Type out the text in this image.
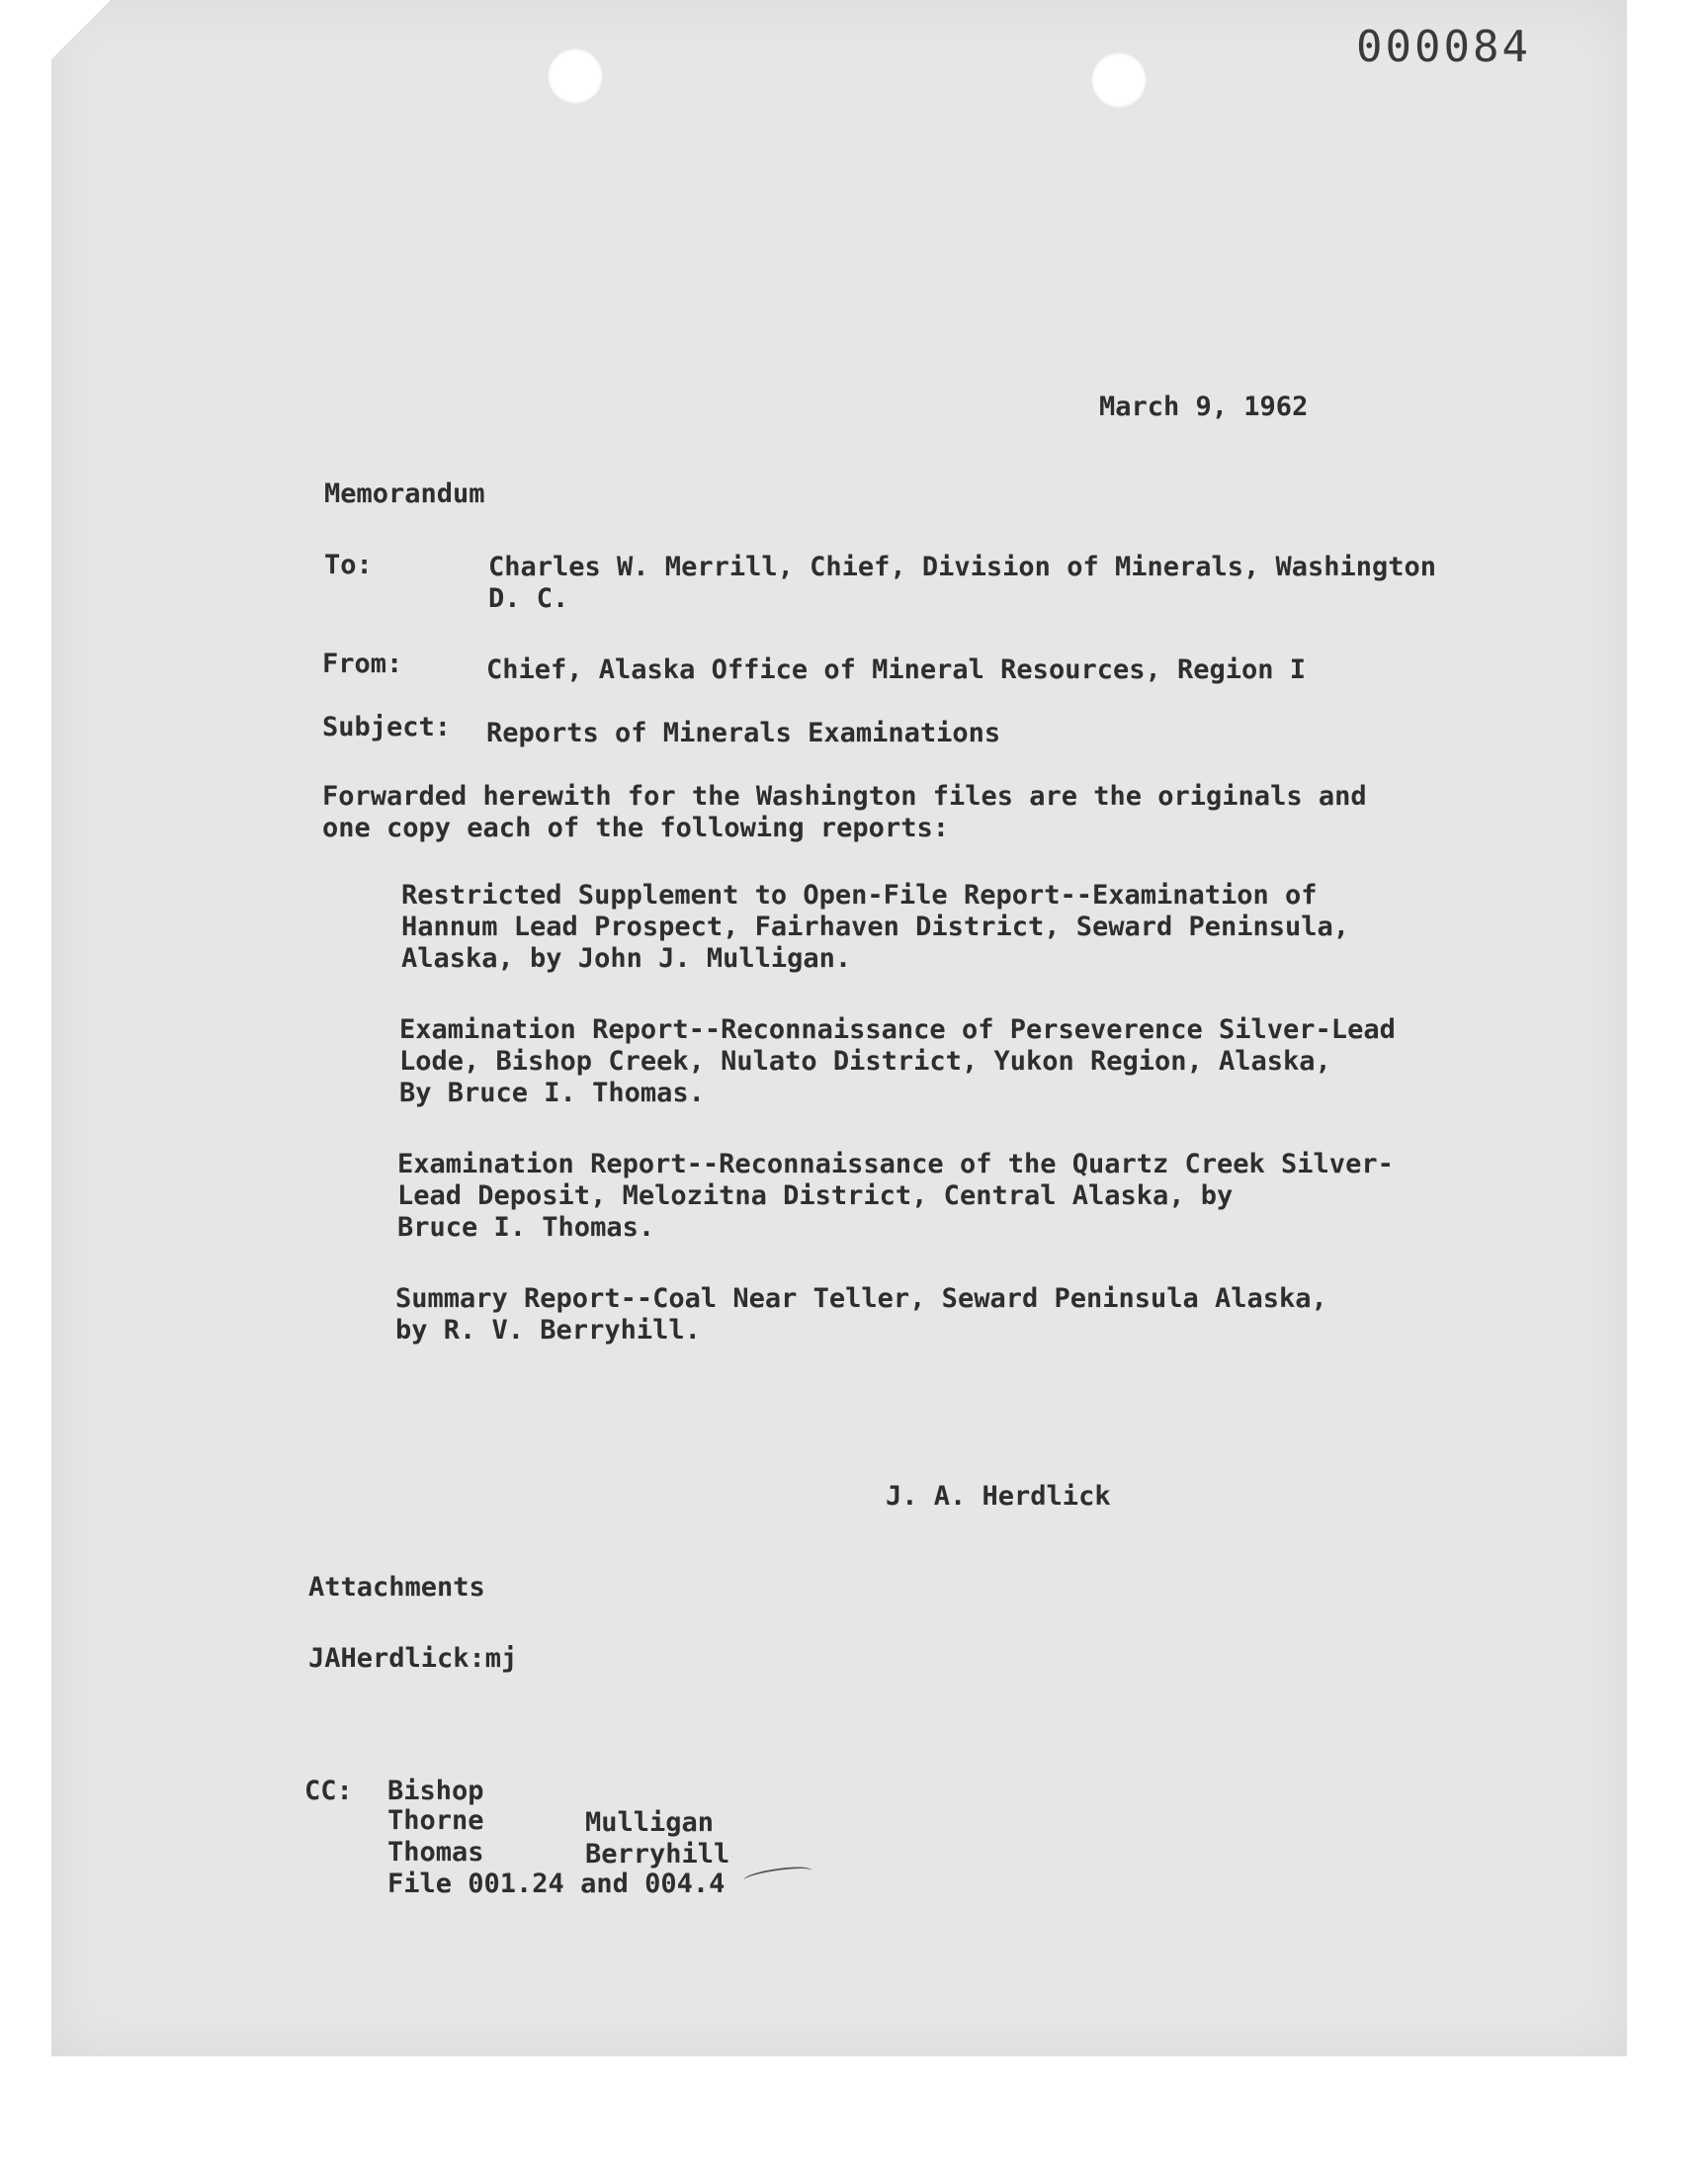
000084
March 9, 1962
Memorandum
To:	Charles W. Merrill, Chief, Division of Minerals, Washington
D. C.
From:	Chief, Alaska Office of Mineral Resources, Region I
Subject: Reports of Minerals Examinations
Forwarded herewith for the Washington files are the originals and
one copy each of the following reports:
Restricted Supplement to Open-File Report--Examination of
Hannum Lead Prospect, Fairhaven District, Seward Peninsula,
Alaska, by John J. Mulligan.
Examination Report--Reconnaissance of Perseverence Silver-Lead
Lode, Bishop Creek, Nulato District, Yukon Region, Alaska,
By Bruce I. Thomas.
Examination Report--Reconnaissance of the Quartz Creek Silver-
Lead Deposit, Melozitna District, Central Alaska, by
Bruce I. Thomas.
Summary Report--Coal Near Teller, Seward Peninsula Alaska,
by R. V. Berryhill.
J. A. Herdlick
Attachments
JAHerdlick:mj
CC: Bishop
Thorne
Thomas
Mulligan
Berryhill
File 001.24 and 004.4
